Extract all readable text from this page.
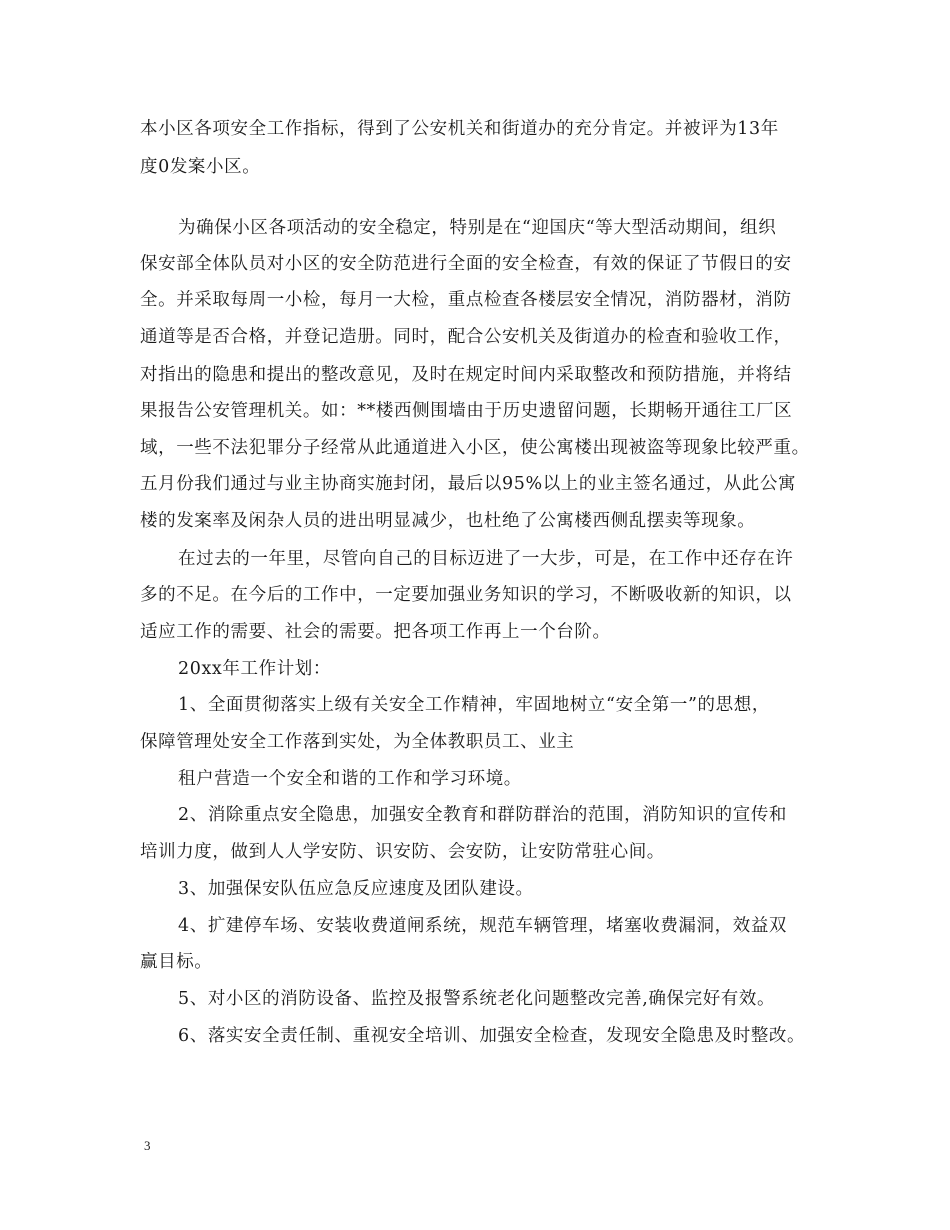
本小区各项安全工作指标，得到了公安机关和街道办的充分肯定。并被评为13年
度0发案小区。
为确保小区各项活动的安全稳定，特别是在“迎国庆“等大型活动期间，组织
保安部全体队员对小区的安全防范进行全面的安全检查，有效的保证了节假日的安
全。并采取每周一小检，每月一大检，重点检查各楼层安全情况，消防器材，消防
通道等是否合格，并登记造册。同时，配合公安机关及街道办的检查和验收工作，
对指出的隐患和提出的整改意见，及时在规定时间内采取整改和预防措施，并将结
果报告公安管理机关。如：**楼西侧围墙由于历史遗留问题，长期畅开通往工厂区
域，一些不法犯罪分子经常从此通道进入小区，使公寓楼出现被盗等现象比较严重。
五月份我们通过与业主协商实施封闭，最后以95%以上的业主签名通过，从此公寓
楼的发案率及闲杂人员的进出明显减少，也杜绝了公寓楼西侧乱摆卖等现象。
在过去的一年里，尽管向自己的目标迈进了一大步，可是，在工作中还存在许
多的不足。在今后的工作中，一定要加强业务知识的学习，不断吸收新的知识，以
适应工作的需要、社会的需要。把各项工作再上一个台阶。
20xx年工作计划：
1、全面贯彻落实上级有关安全工作精神，牢固地树立“安全第一”的思想，
保障管理处安全工作落到实处，为全体教职员工、业主
租户营造一个安全和谐的工作和学习环境。
2、消除重点安全隐患，加强安全教育和群防群治的范围，消防知识的宣传和
培训力度，做到人人学安防、识安防、会安防，让安防常驻心间。
3、加强保安队伍应急反应速度及团队建设。
4、扩建停车场、安装收费道闸系统，规范车辆管理，堵塞收费漏洞，效益双
赢目标。
5、对小区的消防设备、监控及报警系统老化问题整改完善,确保完好有效。
6、落实安全责任制、重视安全培训、加强安全检查，发现安全隐患及时整改。
3
